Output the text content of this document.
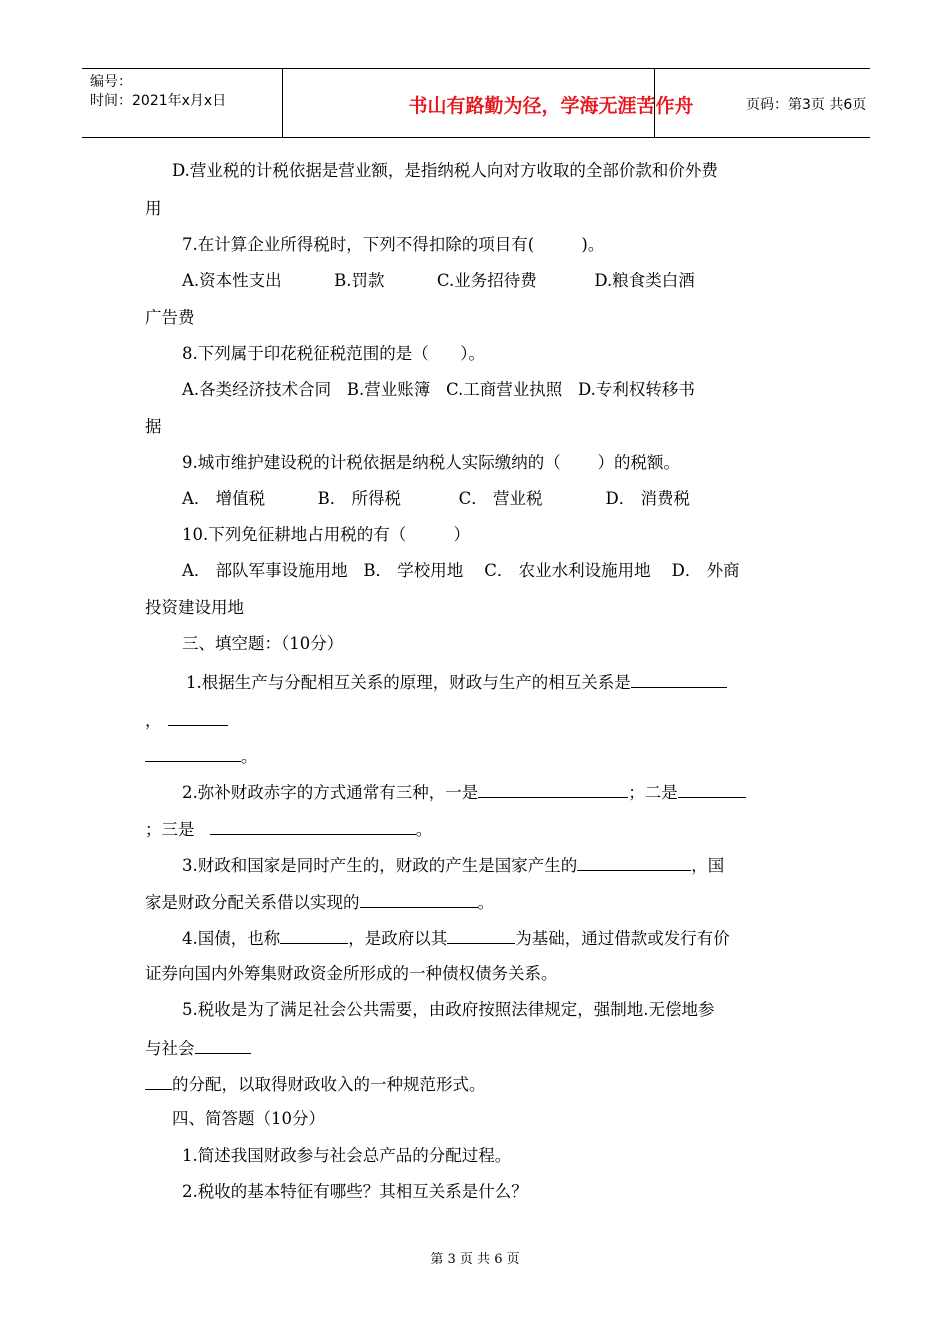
编号：
时间：2021年x月x日	书山有路勤为径，学海无涯苦作舟	页码：第3页 共6页
D.营业税的计税依据是营业额，是指纳税人向对方收取的全部价款和价外费
用
7.在计算企业所得税时，下列不得扣除的项目有(         )。
A.资本性支出          B.罚款          C.业务招待费           D.粮食类白酒
广告费
8.下列属于印花税征税范围的是（      ）。
A.各类经济技术合同   B.营业账簿   C.工商营业执照   D.专利权转移书
据
9.城市维护建设税的计税依据是纳税人实际缴纳的（       ）的税额。
A． 增值税          B． 所得税           C． 营业税            D． 消费税
10.下列免征耕地占用税的有（         ）
A． 部队军事设施用地   B． 学校用地    C． 农业水利设施用地    D． 外商
投资建设用地
三、填空题：（10分）
1.根据生产与分配相互关系的原理，财政与生产的相互关系是
，
。
2.弥补财政赤字的方式通常有三种，一是	；二是
；三是	。
3.财政和国家是同时产生的，财政的产生是国家产生的	，国
家是财政分配关系借以实现的	。
4.国债，也称	，是政府以其	为基础，通过借款或发行有价
证券向国内外筹集财政资金所形成的一种债权债务关系。
5.税收是为了满足社会公共需要，由政府按照法律规定，强制地.无偿地参
与社会
的分配，以取得财政收入的一种规范形式。
四、简答题（10分）
1.简述我国财政参与社会总产品的分配过程。
2.税收的基本特征有哪些？其相互关系是什么？
第 3 页 共 6 页
